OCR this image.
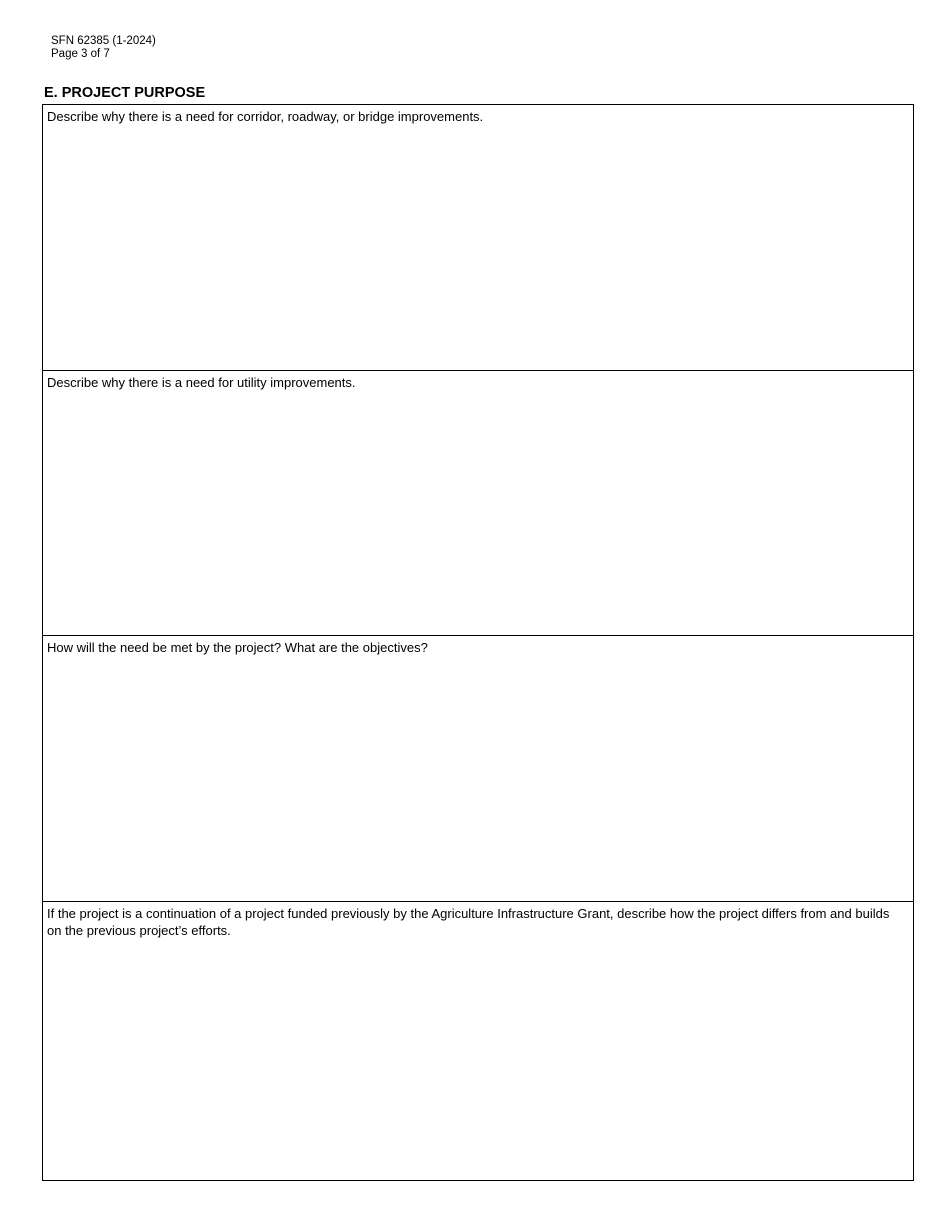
SFN 62385 (1-2024)
Page 3 of 7
E. PROJECT PURPOSE
Describe why there is a need for corridor, roadway, or bridge improvements.
Describe why there is a need for utility improvements.
How will the need be met by the project? What are the objectives?
If the project is a continuation of a project funded previously by the Agriculture Infrastructure Grant, describe how the project differs from and builds on the previous project’s efforts.
